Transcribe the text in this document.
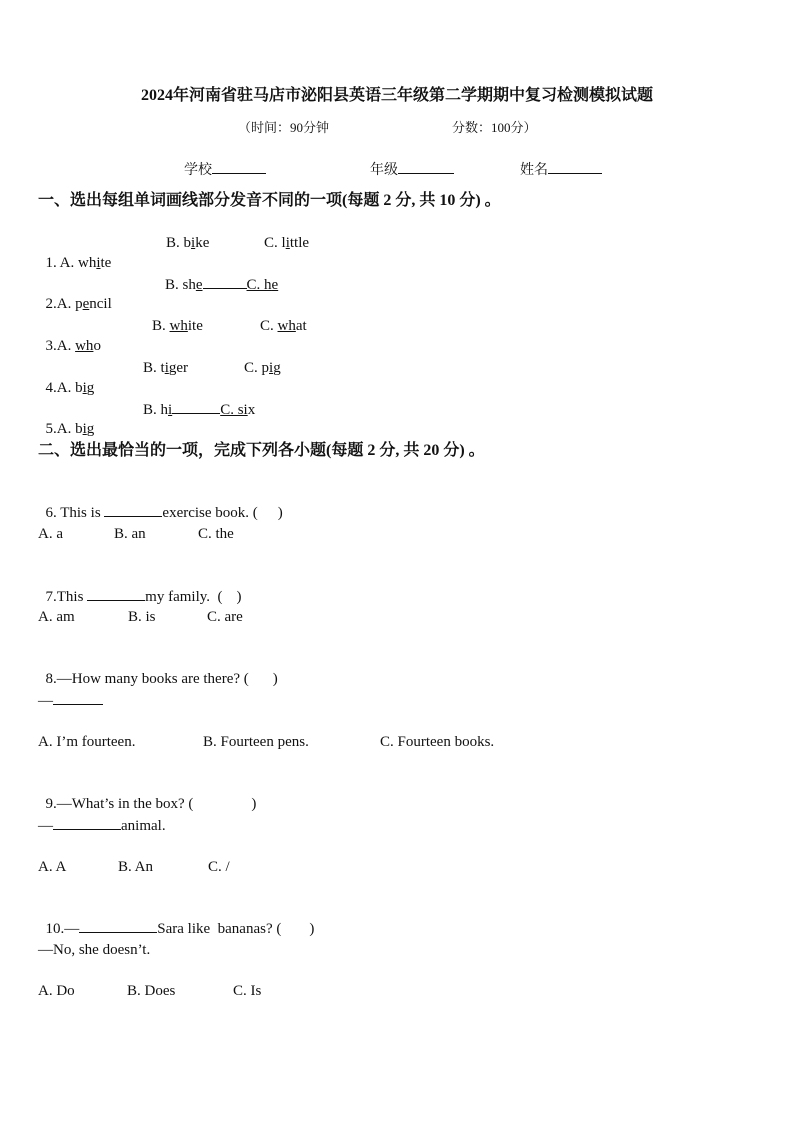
2024年河南省驻马店市泌阳县英语三年级第二学期期中复习检测模拟试题
（时间：90分钟	分数：100分）
学校	年级	姓名
一、选出每组单词画线部分发音不同的一项(每题 2 分, 共 10 分) 。

1. A. white

B. bike	C. little

2.A. pencil

B. she	C. he

3.A. who

B. white	C. what

4.A. big

B. tiger	C. pig

5.A. big

B. hi	C. six
二、选出最恰当的一项，完成下列各小题(每题 2 分, 共 20 分) 。

6. This is	exercise book. ( )

A. a	B. an	C. the

7.This	my family.  ( )

A. am	B. is	C. are

8.—How many books are there? ( )

—
A. I’m fourteen.	B. Fourteen pens.	C. Fourteen books.

9.—What’s in the box? (	)

—	animal.
A. A	B. An	C. /

10.—	Sara like  bananas? ( )

—No, she doesn’t.
A. Do	B. Does	C. Is
